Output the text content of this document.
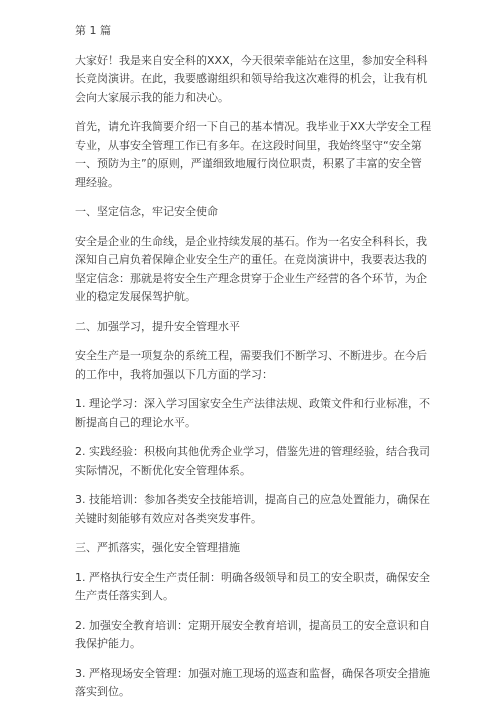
第 1 篇

大家好！我是来自安全科的XXX，今天很荣幸能站在这里，参加安全科科长竞岗演讲。在此，我要感谢组织和领导给我这次难得的机会，让我有机会向大家展示我的能力和决心。

首先，请允许我简要介绍一下自己的基本情况。我毕业于XX大学安全工程专业，从事安全管理工作已有多年。在这段时间里，我始终坚守“安全第一、预防为主”的原则，严谨细致地履行岗位职责，积累了丰富的安全管理经验。

一、坚定信念，牢记安全使命

安全是企业的生命线，是企业持续发展的基石。作为一名安全科科长，我深知自己肩负着保障企业安全生产的重任。在竞岗演讲中，我要表达我的坚定信念：那就是将安全生产理念贯穿于企业生产经营的各个环节，为企业的稳定发展保驾护航。

二、加强学习，提升安全管理水平

安全生产是一项复杂的系统工程，需要我们不断学习、不断进步。在今后的工作中，我将加强以下几方面的学习：

1. 理论学习：深入学习国家安全生产法律法规、政策文件和行业标准，不断提高自己的理论水平。

2. 实践经验：积极向其他优秀企业学习，借鉴先进的管理经验，结合我司实际情况，不断优化安全管理体系。

3. 技能培训：参加各类安全技能培训，提高自己的应急处置能力，确保在关键时刻能够有效应对各类突发事件。

三、严抓落实，强化安全管理措施

1. 严格执行安全生产责任制：明确各级领导和员工的安全职责，确保安全生产责任落实到人。

2. 加强安全教育培训：定期开展安全教育培训，提高员工的安全意识和自我保护能力。

3. 严格现场安全管理：加强对施工现场的巡查和监督，确保各项安全措施落实到位。
